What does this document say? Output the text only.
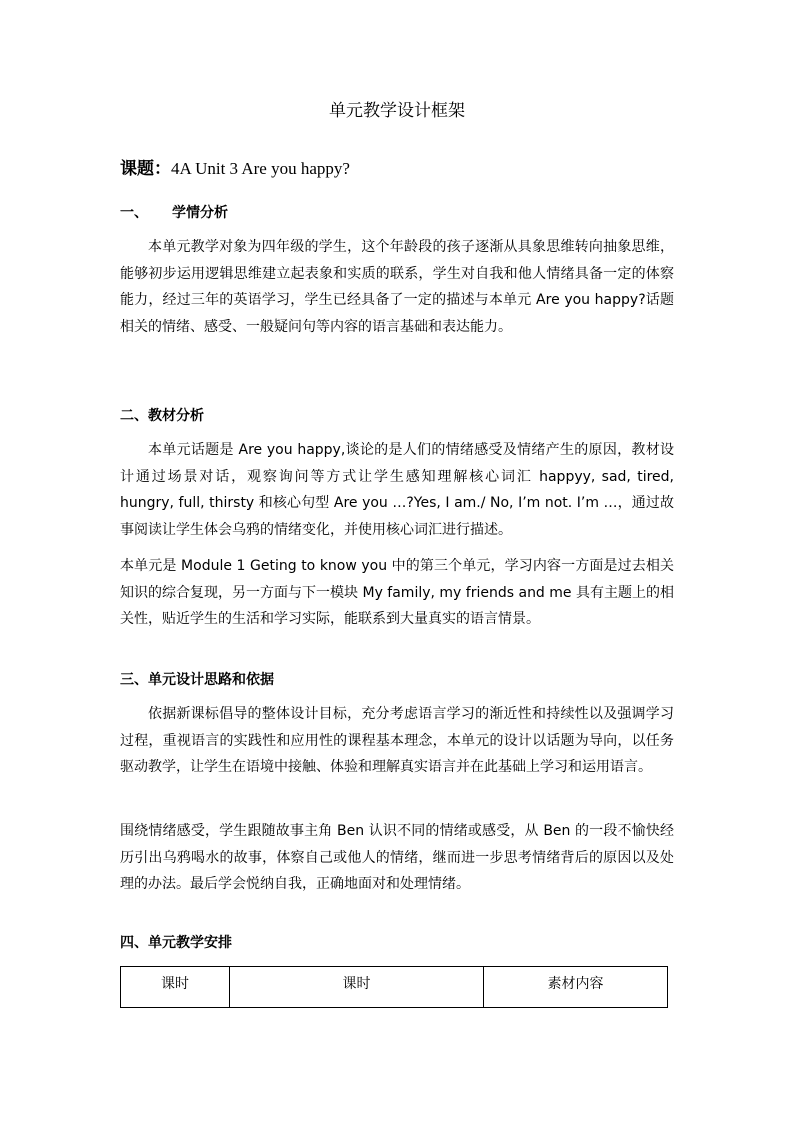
单元教学设计框架
课题：4A Unit 3 Are you happy?
一、 学情分析

本单元教学对象为四年级的学生，这个年龄段的孩子逐渐从具象思维转向抽象思维，能够初步运用逻辑思维建立起表象和实质的联系，学生对自我和他人情绪具备一定的体察能力，经过三年的英语学习，学生已经具备了一定的描述与本单元 Are you happy?话题相关的情绪、感受、一般疑问句等内容的语言基础和表达能力。

二、教材分析

本单元话题是 Are you happy,谈论的是人们的情绪感受及情绪产生的原因，教材设计通过场景对话，观察询问等方式让学生感知理解核心词汇 happyy, sad, tired, hungry, full, thirsty 和核心句型 Are you …?Yes, I am./ No, I’m not. I’m …，通过故事阅读让学生体会乌鸦的情绪变化，并使用核心词汇进行描述。

本单元是 Module 1 Geting to know you 中的第三个单元，学习内容一方面是过去相关知识的综合复现，另一方面与下一模块 My family, my friends and me 具有主题上的相关性，贴近学生的生活和学习实际，能联系到大量真实的语言情景。

三、单元设计思路和依据

依据新课标倡导的整体设计目标，充分考虑语言学习的渐近性和持续性以及强调学习过程，重视语言的实践性和应用性的课程基本理念，本单元的设计以话题为导向，以任务驱动教学，让学生在语境中接触、体验和理解真实语言并在此基础上学习和运用语言。

围绕情绪感受，学生跟随故事主角 Ben 认识不同的情绪或感受，从 Ben 的一段不愉快经历引出乌鸦喝水的故事，体察自己或他人的情绪，继而进一步思考情绪背后的原因以及处理的办法。最后学会悦纳自我，正确地面对和处理情绪。

四、单元教学安排
课时	课时	素材内容
